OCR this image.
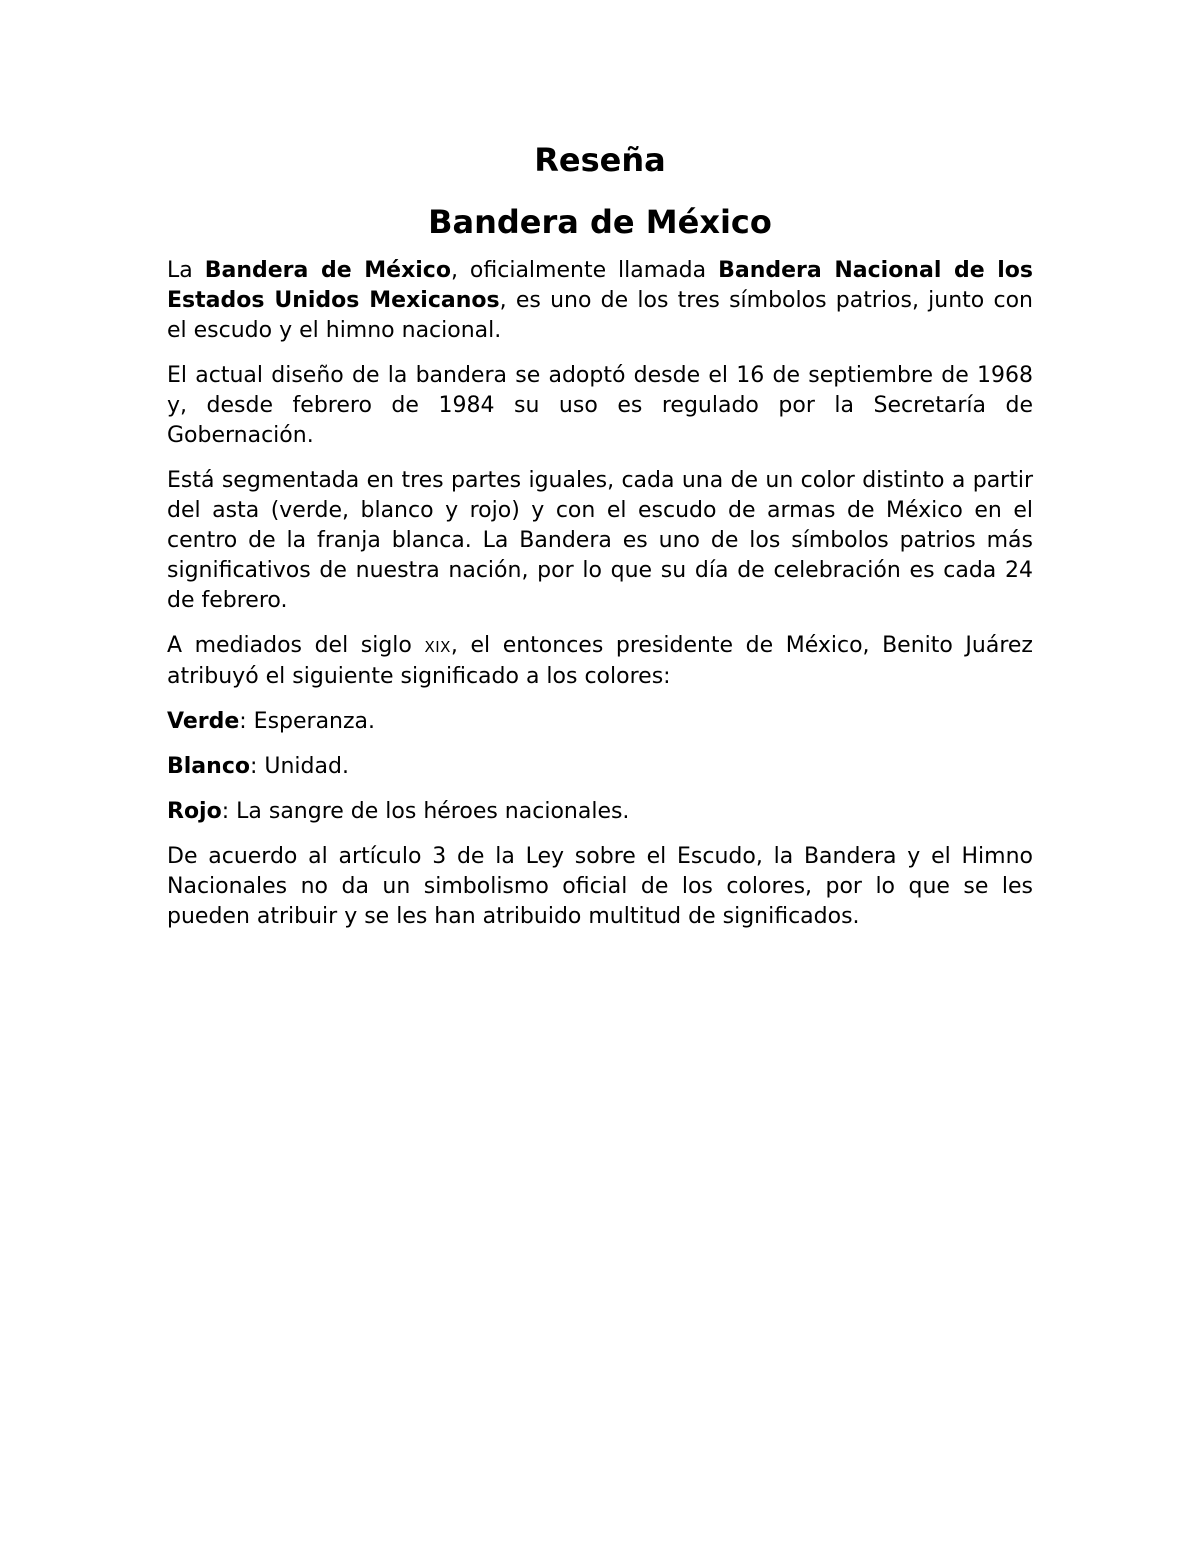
Reseña
Bandera de México

La Bandera de México, oficialmente llamada Bandera Nacional de los Estados Unidos Mexicanos, es uno de los tres símbolos patrios, junto con el escudo y el himno nacional.

El actual diseño de la bandera se adoptó desde el 16 de septiembre de 1968 y, desde febrero de 1984 su uso es regulado por la Secretaría de Gobernación.

Está segmentada en tres partes iguales, cada una de un color distinto a partir del asta (verde, blanco y rojo) y con el escudo de armas de México en el centro de la franja blanca. La Bandera es uno de los símbolos patrios más significativos de nuestra nación, por lo que su día de celebración es cada 24 de febrero.

A mediados del siglo XIX, el entonces presidente de México, Benito Juárez atribuyó el siguiente significado a los colores:

Verde: Esperanza.

Blanco: Unidad.

Rojo: La sangre de los héroes nacionales.

De acuerdo al artículo 3 de la Ley sobre el Escudo, la Bandera y el Himno Nacionales no da un simbolismo oficial de los colores, por lo que se les pueden atribuir y se les han atribuido multitud de significados.
